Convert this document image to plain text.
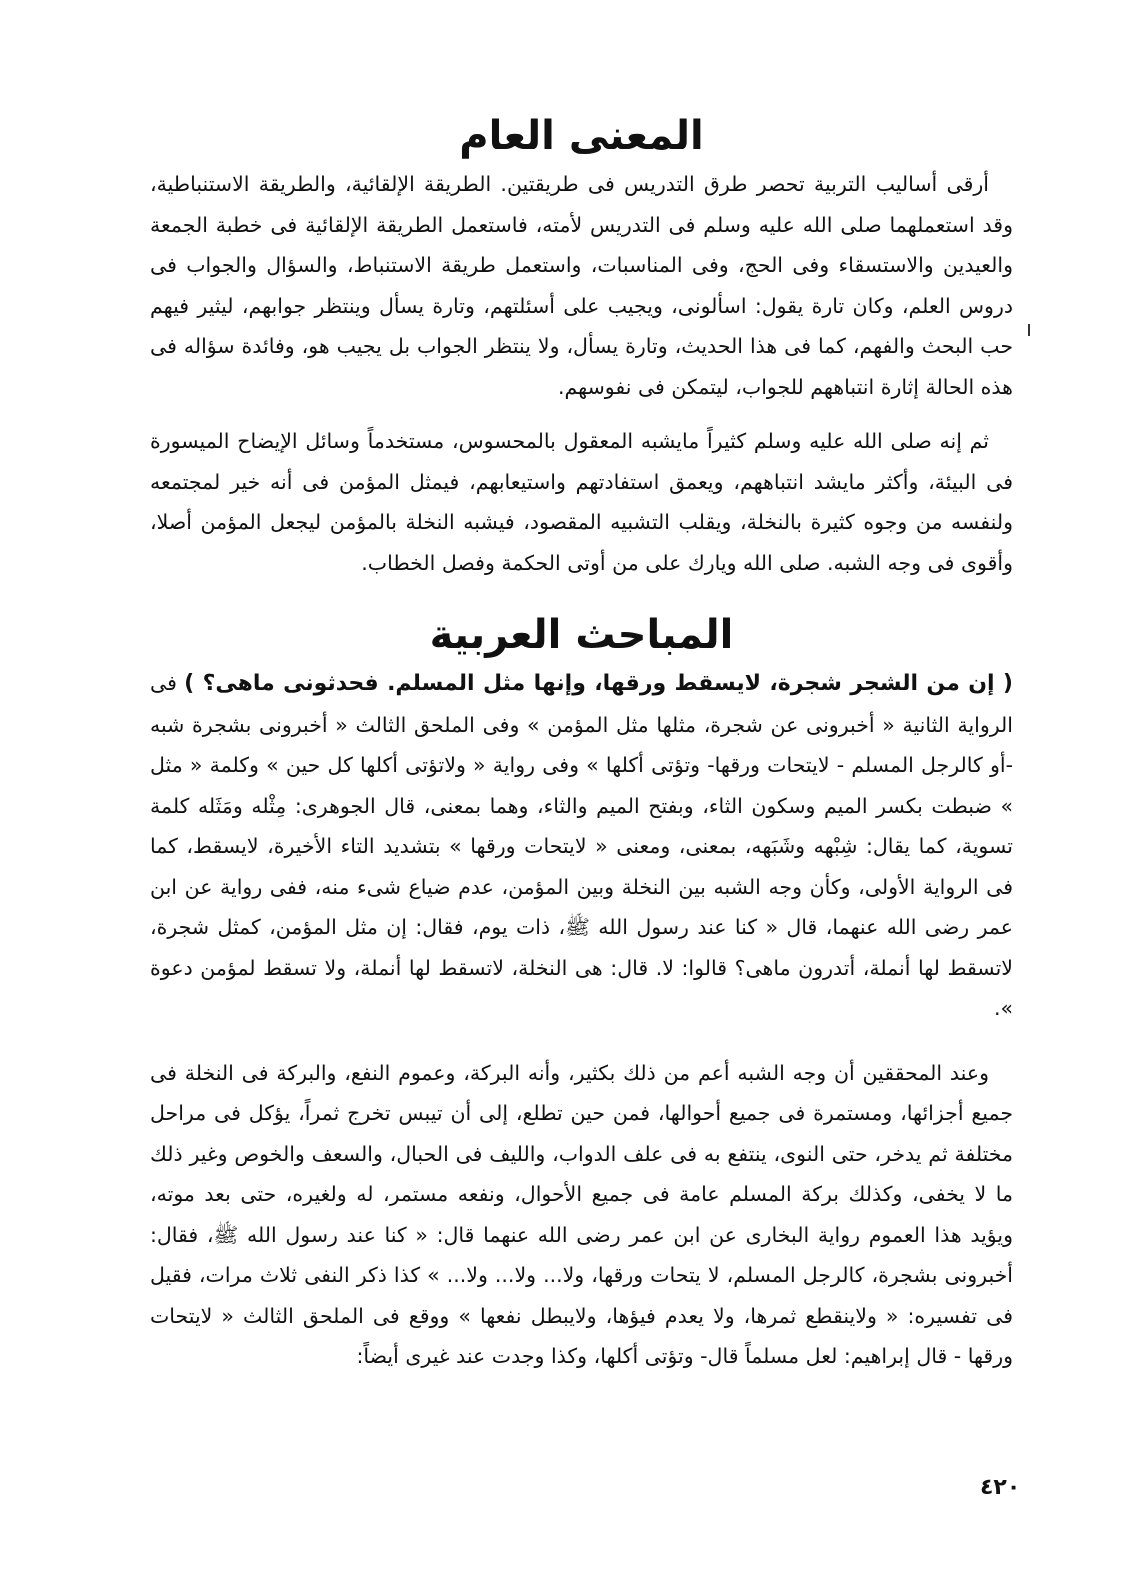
المعنى العام

أرقى أساليب التربية تحصر طرق التدريس فى طريقتين. الطريقة الإلقائية، والطريقة الاستنباطية، وقد استعملهما صلى الله عليه وسلم فى التدريس لأمته، فاستعمل الطريقة الإلقائية فى خطبة الجمعة والعيدين والاستسقاء وفى الحج، وفى المناسبات، واستعمل طريقة الاستنباط، والسؤال والجواب فى دروس العلم، وكان تارة يقول: اسألونى، ويجيب على أسئلتهم، وتارة يسأل وينتظر جوابهم، ليثير فيهم حب البحث والفهم، كما فى هذا الحديث، وتارة يسأل، ولا ينتظر الجواب بل يجيب هو، وفائدة سؤاله فى هذه الحالة إثارة انتباههم للجواب، ليتمكن فى نفوسهم.

ثم إنه صلى الله عليه وسلم كثيراً مايشبه المعقول بالمحسوس، مستخدماً وسائل الإيضاح الميسورة فى البيئة، وأكثر مايشد انتباههم، ويعمق استفادتهم واستيعابهم، فيمثل المؤمن فى أنه خير لمجتمعه ولنفسه من وجوه كثيرة بالنخلة، ويقلب التشبيه المقصود، فيشبه النخلة بالمؤمن ليجعل المؤمن أصلا، وأقوى فى وجه الشبه. صلى الله ويارك على من أوتى الحكمة وفصل الخطاب.

المباحث العربية

( إن من الشجر شجرة، لايسقط ورقها، وإنها مثل المسلم. فحدثونى ماهى؟ ) فى الرواية الثانية « أخبرونى عن شجرة، مثلها مثل المؤمن » وفى الملحق الثالث « أخبرونى بشجرة شبه -أو كالرجل المسلم - لايتحات ورقها- وتؤتى أكلها » وفى رواية « ولاتؤتى أكلها كل حين » وكلمة « مثل » ضبطت بكسر الميم وسكون الثاء، وبفتح الميم والثاء، وهما بمعنى، قال الجوهرى: مِثْله ومَثَله كلمة تسوية، كما يقال: شِبْهه وشَبَهه، بمعنى، ومعنى « لايتحات ورقها » بتشديد التاء الأخيرة، لايسقط، كما فى الرواية الأولى، وكأن وجه الشبه بين النخلة وبين المؤمن، عدم ضياع شىء منه، ففى رواية عن ابن عمر رضى الله عنهما، قال « كنا عند رسول الله ﷺ، ذات يوم، فقال: إن مثل المؤمن، كمثل شجرة، لاتسقط لها أنملة، أتدرون ماهى؟ قالوا: لا. قال: هى النخلة، لاتسقط لها أنملة، ولا تسقط لمؤمن دعوة ».

وعند المحققين أن وجه الشبه أعم من ذلك بكثير، وأنه البركة، وعموم النفع، والبركة فى النخلة فى جميع أجزائها، ومستمرة فى جميع أحوالها، فمن حين تطلع، إلى أن تيبس تخرج ثمراً، يؤكل فى مراحل مختلفة ثم يدخر، حتى النوى، ينتفع به فى علف الدواب، والليف فى الحبال، والسعف والخوص وغير ذلك ما لا يخفى، وكذلك بركة المسلم عامة فى جميع الأحوال، ونفعه مستمر، له ولغيره، حتى بعد موته، ويؤيد هذا العموم رواية البخارى عن ابن عمر رضى الله عنهما قال: « كنا عند رسول الله ﷺ، فقال: أخبرونى بشجرة، كالرجل المسلم، لا يتحات ورقها، ولا... ولا... ولا... » كذا ذكر النفى ثلاث مرات، فقيل فى تفسيره: « ولاينقطع ثمرها، ولا يعدم فيؤها، ولايبطل نفعها » ووقع فى الملحق الثالث « لايتحات ورقها - قال إبراهيم: لعل مسلماً قال- وتؤتى أكلها، وكذا وجدت عند غيرى أيضاً:

٤٢٠
